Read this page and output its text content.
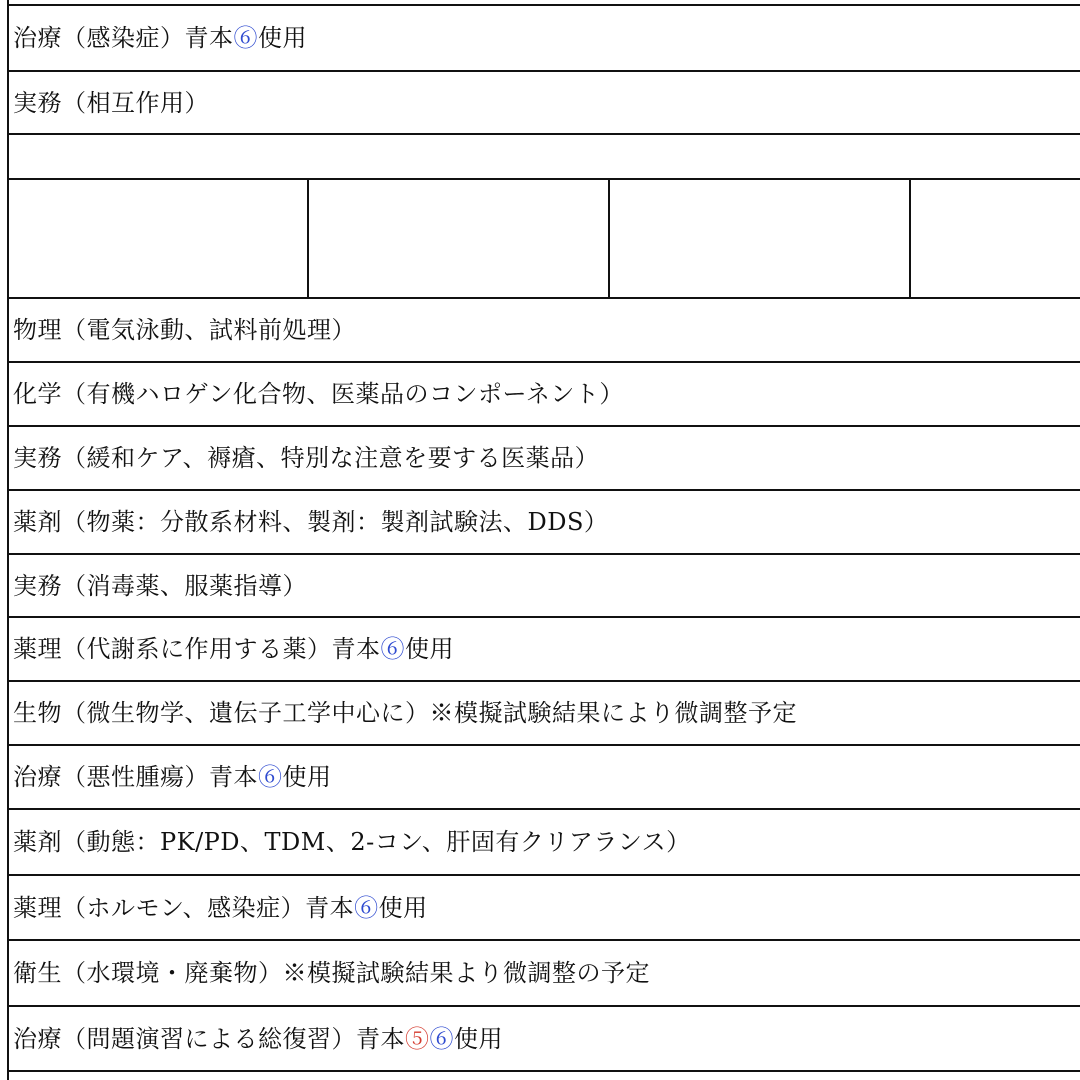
治療（感染症）青本⑥使用
実務（相互作用）
物理（電気泳動、試料前処理）
化学（有機ハロゲン化合物、医薬品のコンポーネント）
実務（緩和ケア、褥瘡、特別な注意を要する医薬品）
薬剤（物薬：分散系材料、製剤：製剤試験法、DDS）
実務（消毒薬、服薬指導）
薬理（代謝系に作用する薬）青本⑥使用
生物（微生物学、遺伝子工学中心に）※模擬試験結果により微調整予定
治療（悪性腫瘍）青本⑥使用
薬剤（動態：PK/PD、TDM、2-コン、肝固有クリアランス）
薬理（ホルモン、感染症）青本⑥使用
衛生（水環境・廃棄物）※模擬試験結果より微調整の予定
治療（問題演習による総復習）青本⑤⑥使用
